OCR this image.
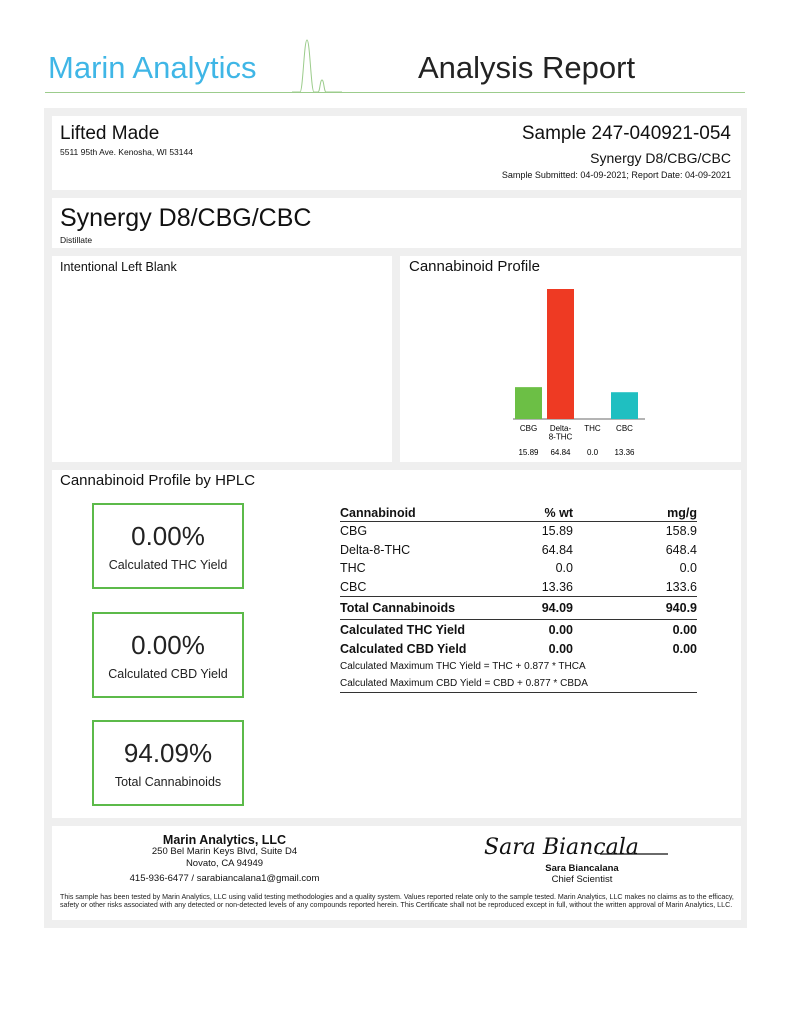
Marin Analytics	Analysis Report
Lifted Made
5511 95th Ave. Kenosha, WI 53144
Sample 247-040921-054
Synergy D8/CBG/CBC
Sample Submitted: 04-09-2021; Report Date: 04-09-2021
Synergy D8/CBG/CBC
Distillate
Intentional Left Blank	Cannabinoid Profile
CBG
15.89
Delta-
8-THC
64.84
THC
0.0
CBC
13.36
Cannabinoid Profile by HPLC
0.00%
Calculated THC Yield
0.00%
Calculated CBD Yield
94.09%
Total Cannabinoids
Cannabinoid	% wt	mg/g
CBG	15.89	158.9
Delta-8-THC	64.84	648.4
THC	0.0	0.0
CBC	13.36	133.6
Total Cannabinoids	94.09	940.9
Calculated THC Yield	0.00	0.00
Calculated CBD Yield	0.00	0.00
Calculated Maximum THC Yield = THC + 0.877 * THCA		
Calculated Maximum CBD Yield = CBD + 0.877 * CBDA		
Marin Analytics, LLC
250 Bel Marin Keys Blvd, Suite D4
Novato, CA 94949
415-936-6477 / sarabiancalana1@gmail.com
Sara Biancala
Sara Biancalana
Chief Scientist
This sample has been tested by Marin Analytics, LLC using valid testing methodologies and a quality system. Values reported relate only to the sample tested. Marin Analytics, LLC makes no claims as to the efficacy, safety or other risks associated with any detected or non-detected levels of any compounds reported herein. This Certificate shall not be reproduced except in full, without the written approval of Marin Analytics, LLC.
